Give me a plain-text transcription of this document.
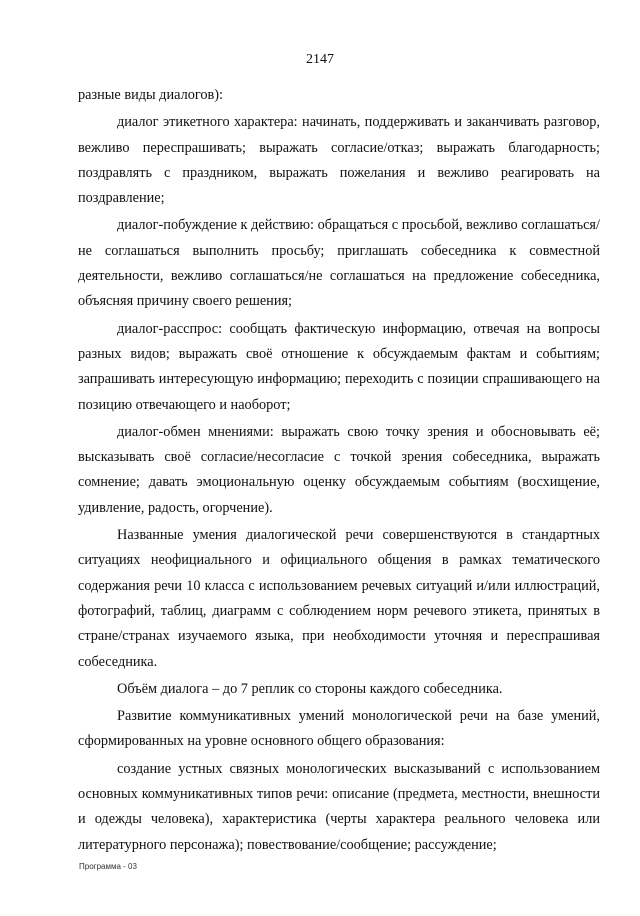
2147

разные виды диалогов):

диалог этикетного характера: начинать, поддерживать и заканчивать разговор, вежливо переспрашивать; выражать согласие/отказ; выражать благодарность; поздравлять с праздником, выражать пожелания и вежливо реагировать на поздравление;

диалог-побуждение к действию: обращаться с просьбой, вежливо соглашаться/не соглашаться выполнить просьбу; приглашать собеседника к совместной деятельности, вежливо соглашаться/не соглашаться на предложение собеседника, объясняя причину своего решения;

диалог-расспрос: сообщать фактическую информацию, отвечая на вопросы разных видов; выражать своё отношение к обсуждаемым фактам и событиям; запрашивать интересующую информацию; переходить с позиции спрашивающего на позицию отвечающего и наоборот;

диалог-обмен мнениями: выражать свою точку зрения и обосновывать её; высказывать своё согласие/несогласие с точкой зрения собеседника, выражать сомнение; давать эмоциональную оценку обсуждаемым событиям (восхищение, удивление, радость, огорчение).

Названные умения диалогической речи совершенствуются в стандартных ситуациях неофициального и официального общения в рамках тематического содержания речи 10 класса с использованием речевых ситуаций и/или иллюстраций, фотографий, таблиц, диаграмм с соблюдением норм речевого этикета, принятых в стране/странах изучаемого языка, при необходимости уточняя и переспрашивая собеседника.

Объём диалога – до 7 реплик со стороны каждого собеседника.

Развитие коммуникативных умений монологической речи на базе умений, сформированных на уровне основного общего образования:

создание устных связных монологических высказываний с использованием основных коммуникативных типов речи: описание (предмета, местности, внешности и одежды человека), характеристика (черты характера реального человека или литературного персонажа); повествование/сообщение; рассуждение;

Программа - 03
